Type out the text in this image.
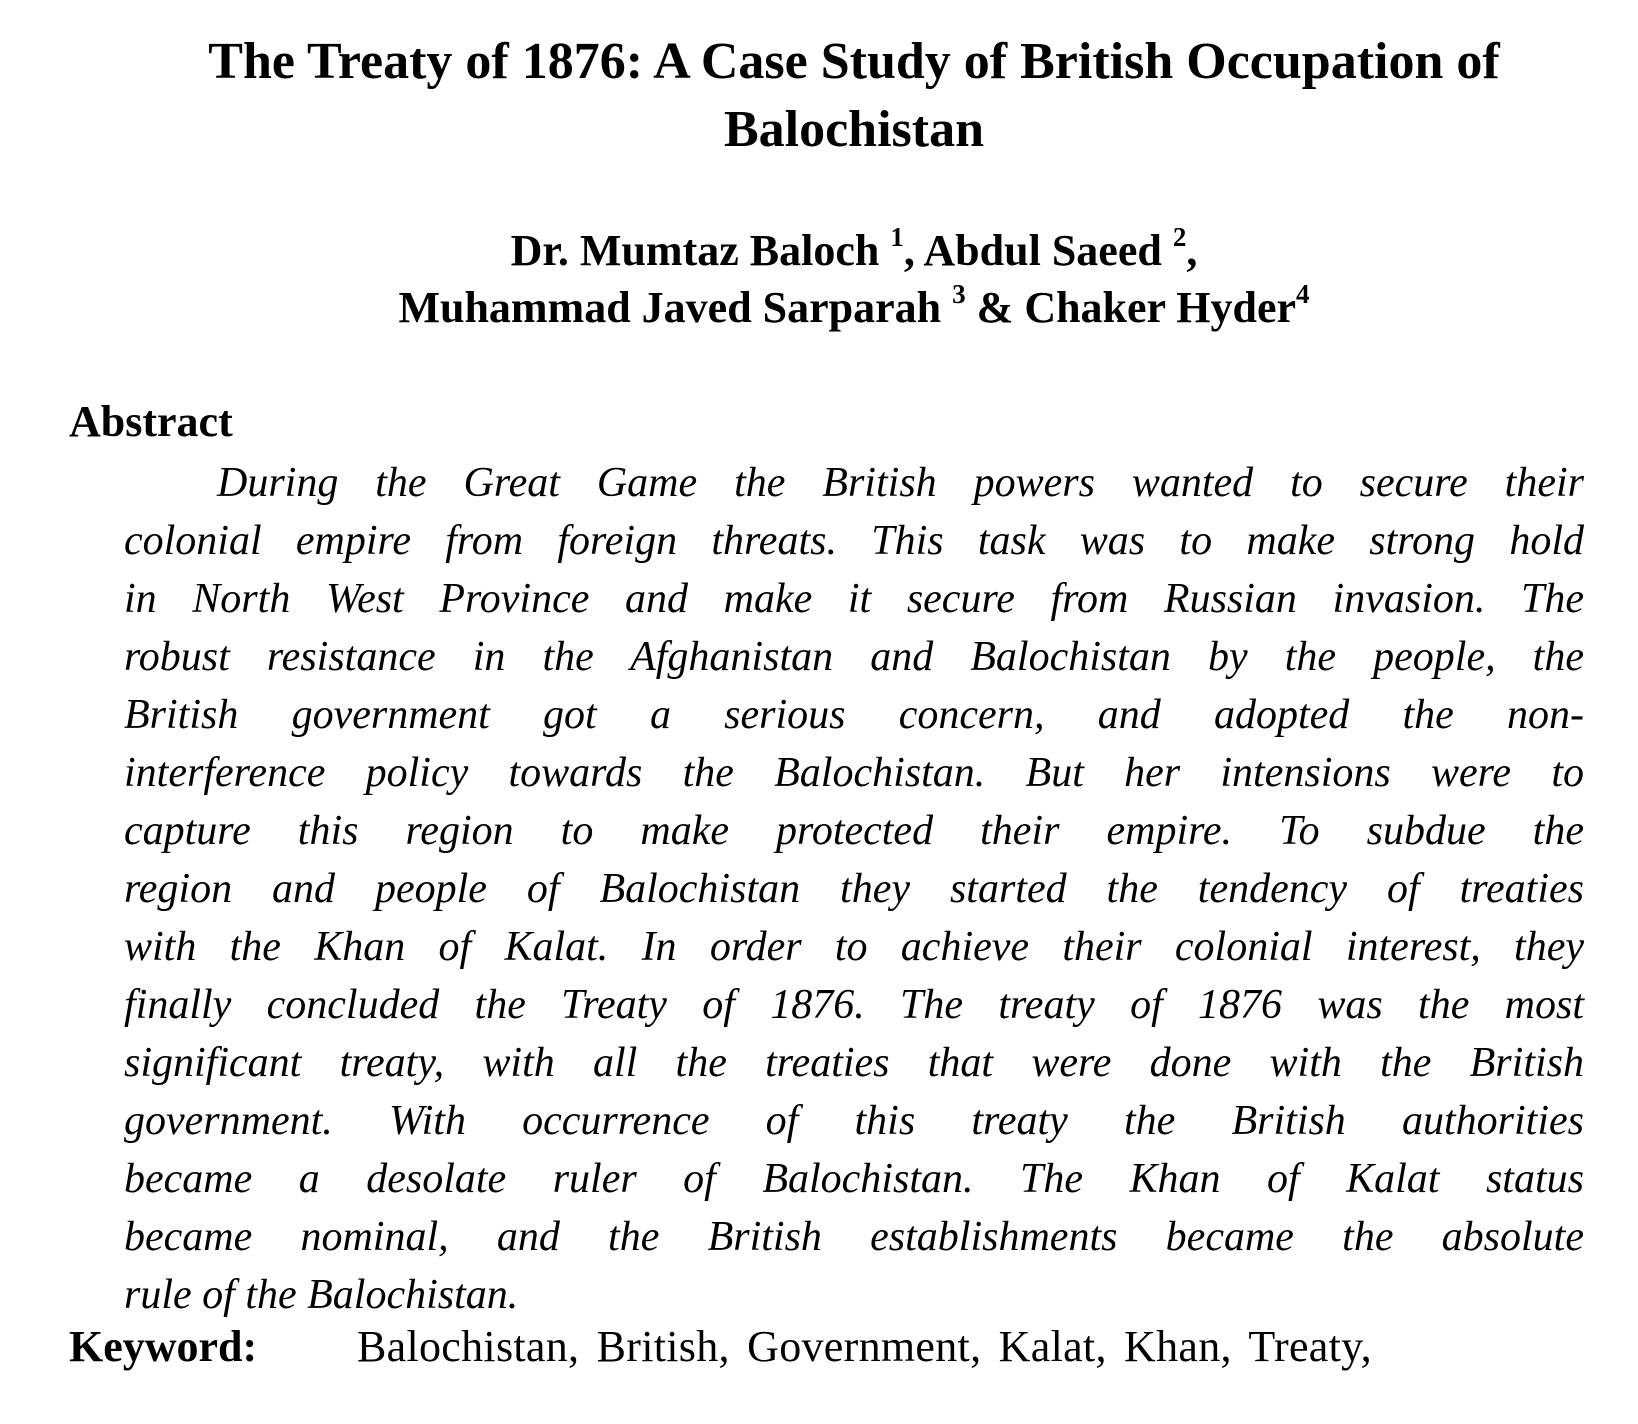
The Treaty of 1876: A Case Study of British Occupation of
Balochistan
Dr. Mumtaz Baloch $^1$, Abdul Saeed $^2$,
Muhammad Javed Sarparah $^3$ & Chaker Hyder$^4$
Abstract

During the Great Game the British powers wanted to secure their
colonial empire from foreign threats. This task was to make strong hold
in North West Province and make it secure from Russian invasion. The
robust resistance in the Afghanistan and Balochistan by the people, the
British government got a serious concern, and adopted the non-
interference policy towards the Balochistan. But her intensions were to
capture this region to make protected their empire. To subdue the
region and people of Balochistan they started the tendency of treaties
with the Khan of Kalat. In order to achieve their colonial interest, they
finally concluded the Treaty of 1876. The treaty of 1876 was the most
significant treaty, with all the treaties that were done with the British
government. With occurrence of this treaty the British authorities
became a desolate ruler of Balochistan. The Khan of Kalat status
became nominal, and the British establishments became the absolute
rule of the Balochistan.

Keyword: Balochistan, British, Government, Kalat, Khan, Treaty,
